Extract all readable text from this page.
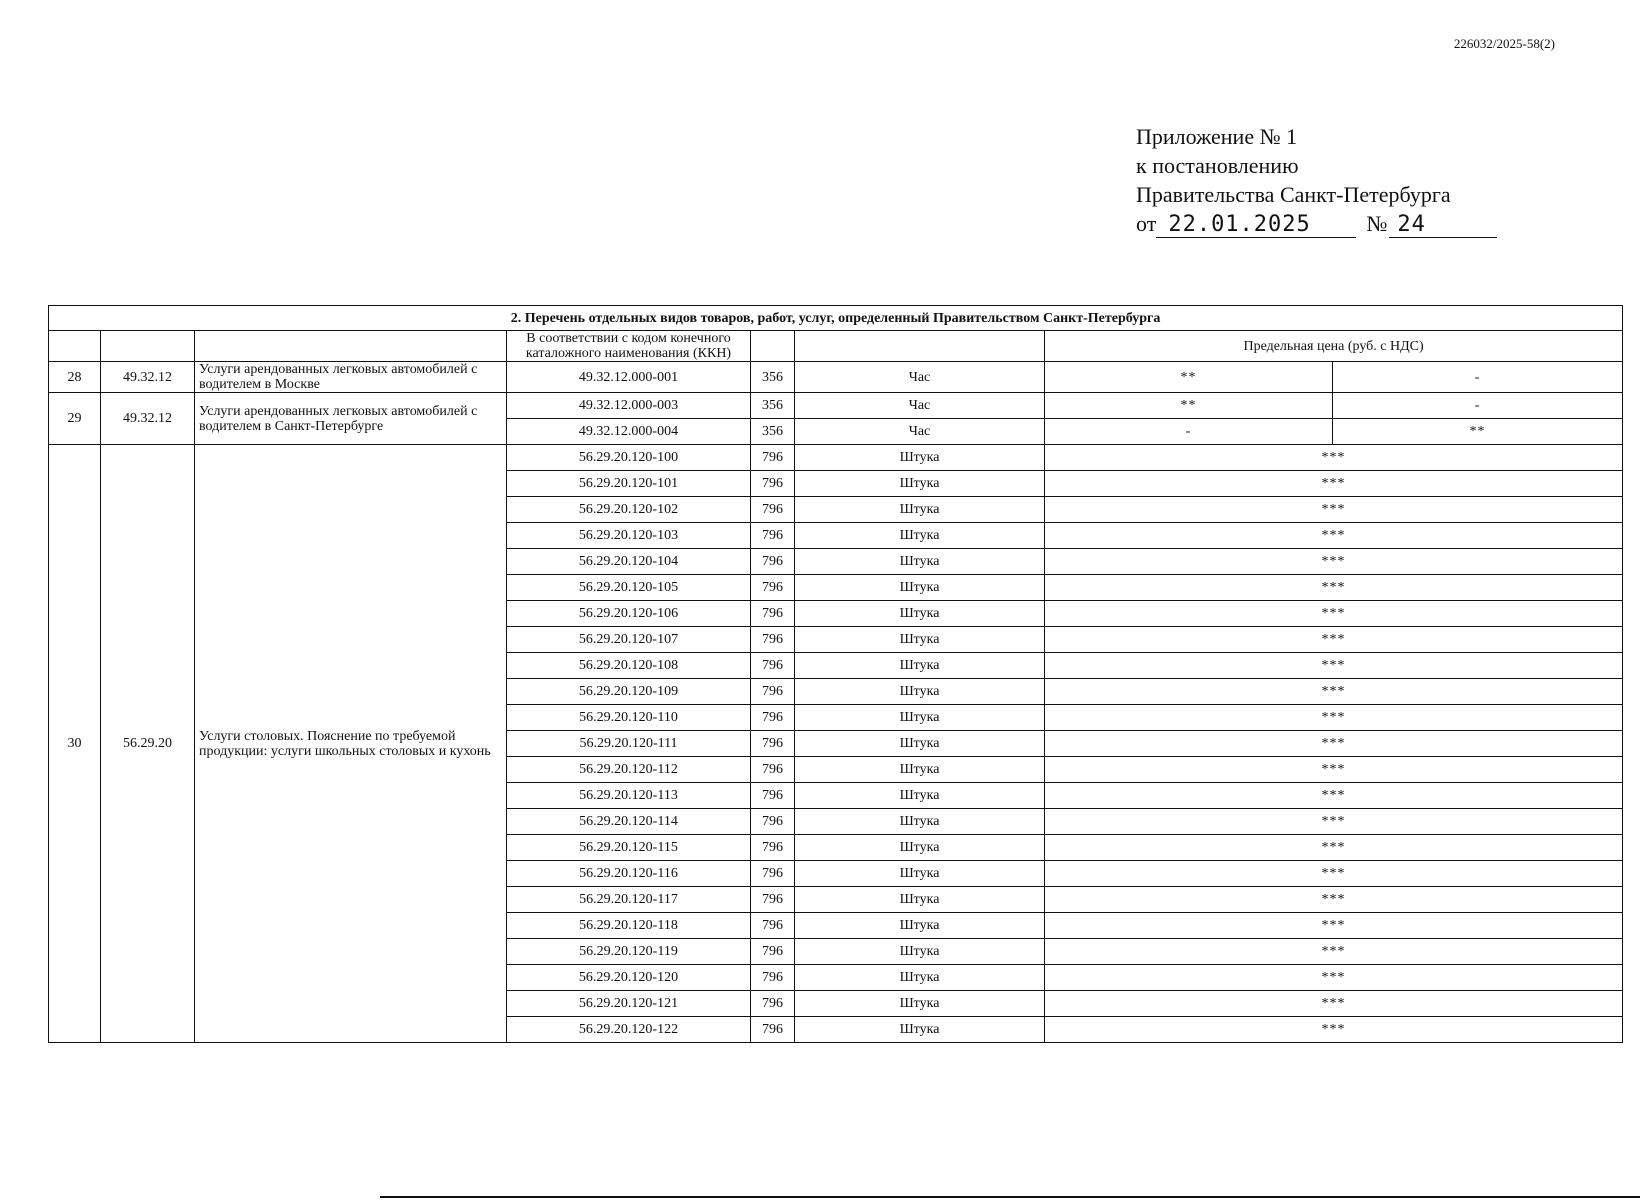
226032/2025-58(2)
Приложение № 1
к постановлению
Правительства Санкт-Петербурга
от 22.01.2025	№ 24
2. Перечень отдельных видов товаров, работ, услуг, определенный Правительством Санкт-Петербурга							
			В соответствии с кодом конечного каталожного наименования (ККН)			Предельная цена (руб. с НДС)	
28	49.32.12	Услуги арендованных легковых автомобилей с водителем в Москве	49.32.12.000-001	356	Час	**	-
29	49.32.12	Услуги арендованных легковых автомобилей с водителем в Санкт-Петербурге	49.32.12.000-003	356	Час	**	-
			49.32.12.000-004	356	Час	-	**
30	56.29.20	Услуги столовых. Пояснение по требуемой продукции: услуги школьных столовых и кухонь	56.29.20.120-100	796	Штука	***	
			56.29.20.120-101	796	Штука	***	
			56.29.20.120-102	796	Штука	***	
			56.29.20.120-103	796	Штука	***	
			56.29.20.120-104	796	Штука	***	
			56.29.20.120-105	796	Штука	***	
			56.29.20.120-106	796	Штука	***	
			56.29.20.120-107	796	Штука	***	
			56.29.20.120-108	796	Штука	***	
			56.29.20.120-109	796	Штука	***	
			56.29.20.120-110	796	Штука	***	
			56.29.20.120-111	796	Штука	***	
			56.29.20.120-112	796	Штука	***	
			56.29.20.120-113	796	Штука	***	
			56.29.20.120-114	796	Штука	***	
			56.29.20.120-115	796	Штука	***	
			56.29.20.120-116	796	Штука	***	
			56.29.20.120-117	796	Штука	***	
			56.29.20.120-118	796	Штука	***	
			56.29.20.120-119	796	Штука	***	
			56.29.20.120-120	796	Штука	***	
			56.29.20.120-121	796	Штука	***	
			56.29.20.120-122	796	Штука	***	
